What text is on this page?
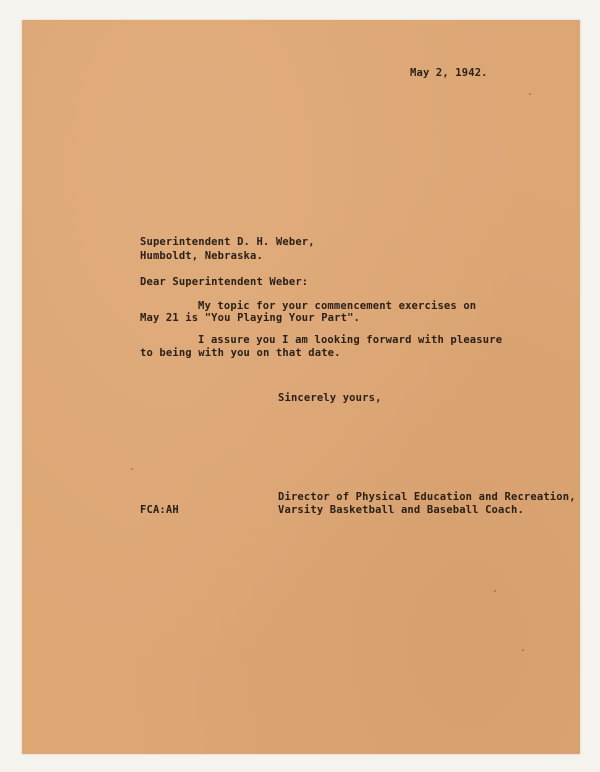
May 2, 1942.

Superintendent D. H. Weber,

Humboldt, Nebraska.

Dear Superintendent Weber:

My topic for your commencement exercises on

May 21 is "You Playing Your Part".

I assure you I am looking forward with pleasure

to being with you on that date.

Sincerely yours,

Director of Physical Education and Recreation,

Varsity Basketball and Baseball Coach.

FCA:AH
